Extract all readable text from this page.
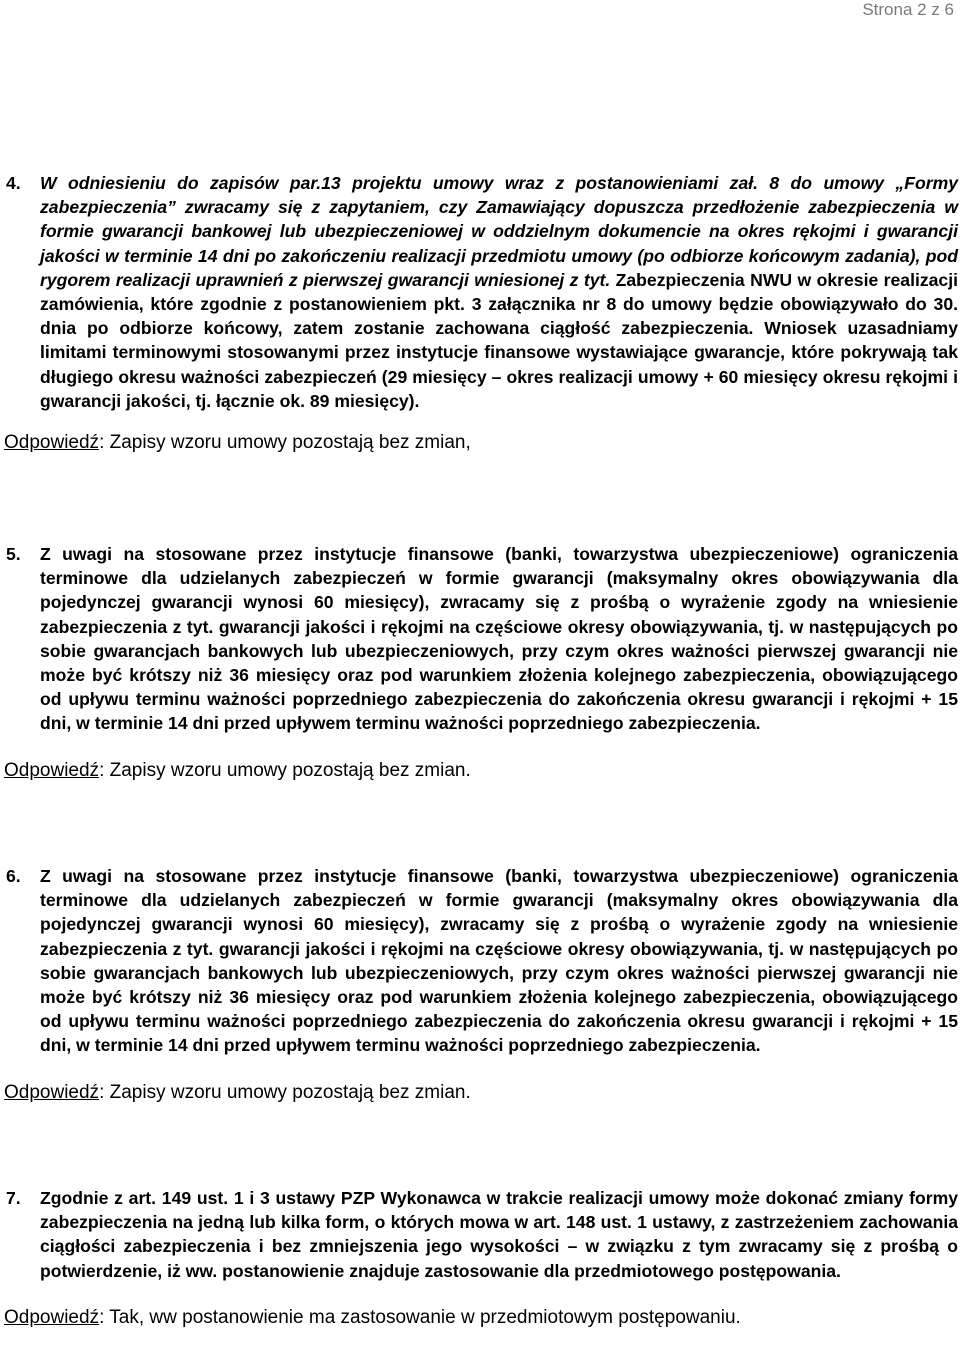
Strona 2 z 6
4.	W odniesieniu do zapisów par.13 projektu umowy wraz z postanowieniami zał. 8 do umowy „Formy zabezpieczenia” zwracamy się z zapytaniem, czy Zamawiający dopuszcza przedłożenie zabezpieczenia w formie gwarancji bankowej lub ubezpieczeniowej w oddzielnym dokumencie na okres rękojmi i gwarancji jakości w terminie 14 dni po zakończeniu realizacji przedmiotu umowy (po odbiorze końcowym zadania), pod rygorem realizacji uprawnień z pierwszej gwarancji wniesionej z tyt. Zabezpieczenia NWU w okresie realizacji zamówienia, które zgodnie z postanowieniem pkt. 3 załącznika nr 8 do umowy będzie obowiązywało do 30. dnia po odbiorze końcowy, zatem zostanie zachowana ciągłość zabezpieczenia. Wniosek uzasadniamy limitami terminowymi stosowanymi przez instytucje finansowe wystawiające gwarancje, które pokrywają tak długiego okresu ważności zabezpieczeń (29 miesięcy – okres realizacji umowy + 60 miesięcy okresu rękojmi i gwarancji jakości, tj. łącznie ok. 89 miesięcy).
Odpowiedź: Zapisy wzoru umowy pozostają bez zmian,
5.	Z uwagi na stosowane przez instytucje finansowe (banki, towarzystwa ubezpieczeniowe) ograniczenia terminowe dla udzielanych zabezpieczeń w formie gwarancji (maksymalny okres obowiązywania dla pojedynczej gwarancji wynosi 60 miesięcy), zwracamy się z prośbą o wyrażenie zgody na wniesienie zabezpieczenia z tyt. gwarancji jakości i rękojmi na częściowe okresy obowiązywania, tj. w następujących po sobie gwarancjach bankowych lub ubezpieczeniowych, przy czym okres ważności pierwszej gwarancji nie może być krótszy niż 36 miesięcy oraz pod warunkiem złożenia kolejnego zabezpieczenia, obowiązującego od upływu terminu ważności poprzedniego zabezpieczenia do zakończenia okresu gwarancji i rękojmi + 15 dni, w terminie 14 dni przed upływem terminu ważności poprzedniego zabezpieczenia.
Odpowiedź: Zapisy wzoru umowy pozostają bez zmian.
6.	Z uwagi na stosowane przez instytucje finansowe (banki, towarzystwa ubezpieczeniowe) ograniczenia terminowe dla udzielanych zabezpieczeń w formie gwarancji (maksymalny okres obowiązywania dla pojedynczej gwarancji wynosi 60 miesięcy), zwracamy się z prośbą o wyrażenie zgody na wniesienie zabezpieczenia z tyt. gwarancji jakości i rękojmi na częściowe okresy obowiązywania, tj. w następujących po sobie gwarancjach bankowych lub ubezpieczeniowych, przy czym okres ważności pierwszej gwarancji nie może być krótszy niż 36 miesięcy oraz pod warunkiem złożenia kolejnego zabezpieczenia, obowiązującego od upływu terminu ważności poprzedniego zabezpieczenia do zakończenia okresu gwarancji i rękojmi + 15 dni, w terminie 14 dni przed upływem terminu ważności poprzedniego zabezpieczenia.
Odpowiedź: Zapisy wzoru umowy pozostają bez zmian.
7.	Zgodnie z art. 149 ust. 1 i 3 ustawy PZP Wykonawca w trakcie realizacji umowy może dokonać zmiany formy zabezpieczenia na jedną lub kilka form, o których mowa w art. 148 ust. 1 ustawy, z zastrzeżeniem zachowania ciągłości zabezpieczenia i bez zmniejszenia jego wysokości – w związku z tym zwracamy się z prośbą o potwierdzenie, iż ww. postanowienie znajduje zastosowanie dla przedmiotowego postępowania.
Odpowiedź: Tak, ww postanowienie ma zastosowanie w przedmiotowym postępowaniu.
